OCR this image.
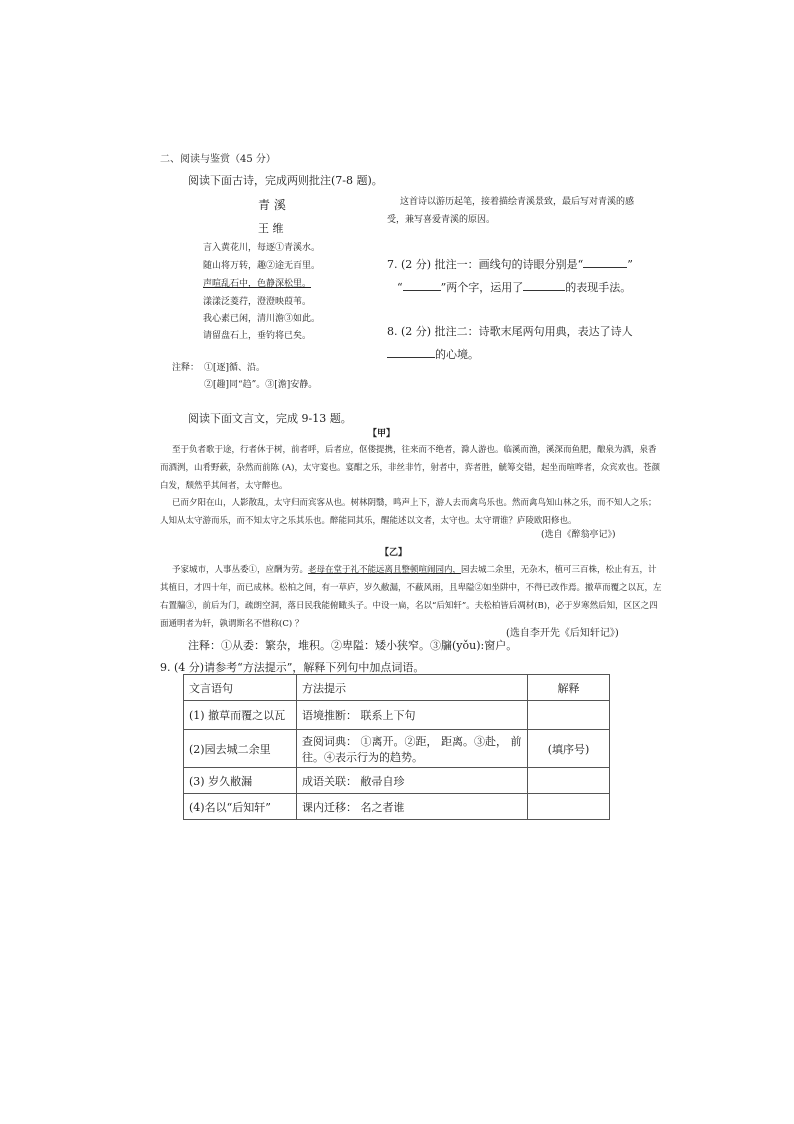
二、阅读与鉴赏（45 分）
阅读下面古诗，完成两则批注(7-8 题)。
青 溪
王 维
言入黄花川，每逐①青溪水。
随山将万转，趣②途无百里。
声喧乱石中，色静深松里。
漾漾泛菱荇，澄澄映葭苇。
我心素已闲，清川澹③如此。
请留盘石上，垂钓将已矣。
注释： ①[逐]循、沿。
②[趣]同“趋”。③[澹]安静。
这首诗以游历起笔，接着描绘青溪景致，最后写对青溪的感
受，兼写喜爱青溪的原因。
7. (2 分) 批注一：画线句的诗眼分别是“	”
“	”两个字，运用了	的表现手法。
8. (2 分) 批注二：诗歌末尾两句用典，表达了诗人
的心境。
阅读下面文言文，完成 9-13 题。
【甲】
至于负者歌于途，行者休于树，前者呼，后者应，伛偻提携，往来而不绝者，滁人游也。临溪而渔，溪深而鱼肥，酿泉为酒，泉香
而酒洌，山肴野蔌，杂然而前陈 (A)，太守宴也。宴酣之乐，非丝非竹，射者中，弈者胜，觥筹交错，起坐而喧哗者，众宾欢也。苍颜
白发，颓然乎其间者，太守醉也。
已而夕阳在山，人影散乱，太守归而宾客从也。树林阴翳，鸣声上下，游人去而禽鸟乐也。然而禽鸟知山林之乐，而不知人之乐；
人知从太守游而乐，而不知太守之乐其乐也。醉能同其乐，醒能述以文者，太守也。太守谓谁？庐陵欧阳修也。
(选自《醉翁亭记》)
【乙】
予家城市，人事丛委①，应酬为劳。老母在堂于礼不能远离且整顿喧闹园内，园去城二余里，无杂木，植可三百株，松止有五，计
其植日，才四十年，而已成林。松柏之间，有一草庐，岁久敝漏，不蔽风雨，且卑隘②如坐阱中，不得已改作焉。撤草而覆之以瓦，左
右置牖③，前后为门，疏朗空洞，落日民我能俯瞰头子。中设一扁，名以“后知轩”。夫松柏皆后凋材(B)，必于岁寒然后知，区区之四
面通明者为轩，孰谓斯名不惜称(C) ？
注释：①从委：繁杂，堆积。②卑隘：矮小狭窄。③牖(yǒu):窗户。
(选自李开先《后知轩记》)
9. (4 分)请参考“方法提示”，解释下列句中加点词语。
文言语句	方法提示	解释
(1) 撤草而覆之以瓦	语境推断： 联系上下句	
(2)园去城二余里	查阅词典： ①离开。②距， 距离。③赴， 前往。④表示行为的趋势。	(填序号)
(3) 岁久敝漏	成语关联： 敝帚自珍	
(4)名以“后知轩”	课内迁移： 名之者谁	
